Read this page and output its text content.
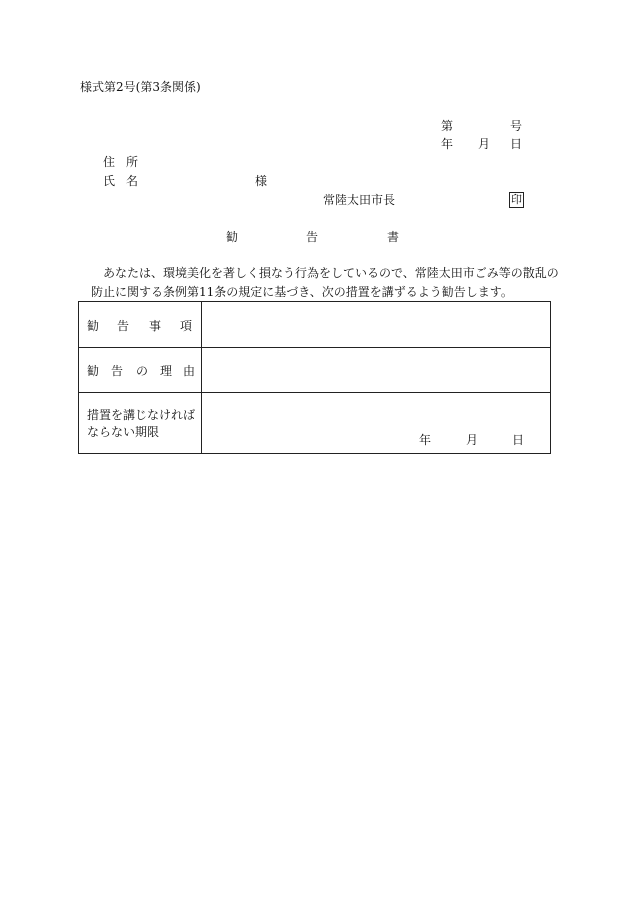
様式第2号(第3条関係)
第	号
年 月 日
住 所
氏 名	様
常陸太田市長	印
勧	告	書
あなたは、環境美化を著しく損なう行為をしているので、常陸太田市ごみ等の散乱の
防止に関する条例第11条の規定に基づき、次の措置を講ずるよう勧告します。
勧 告 事 項
勧 告 の 理 由
措置を講じなければ
ならない期限
年	月	日
